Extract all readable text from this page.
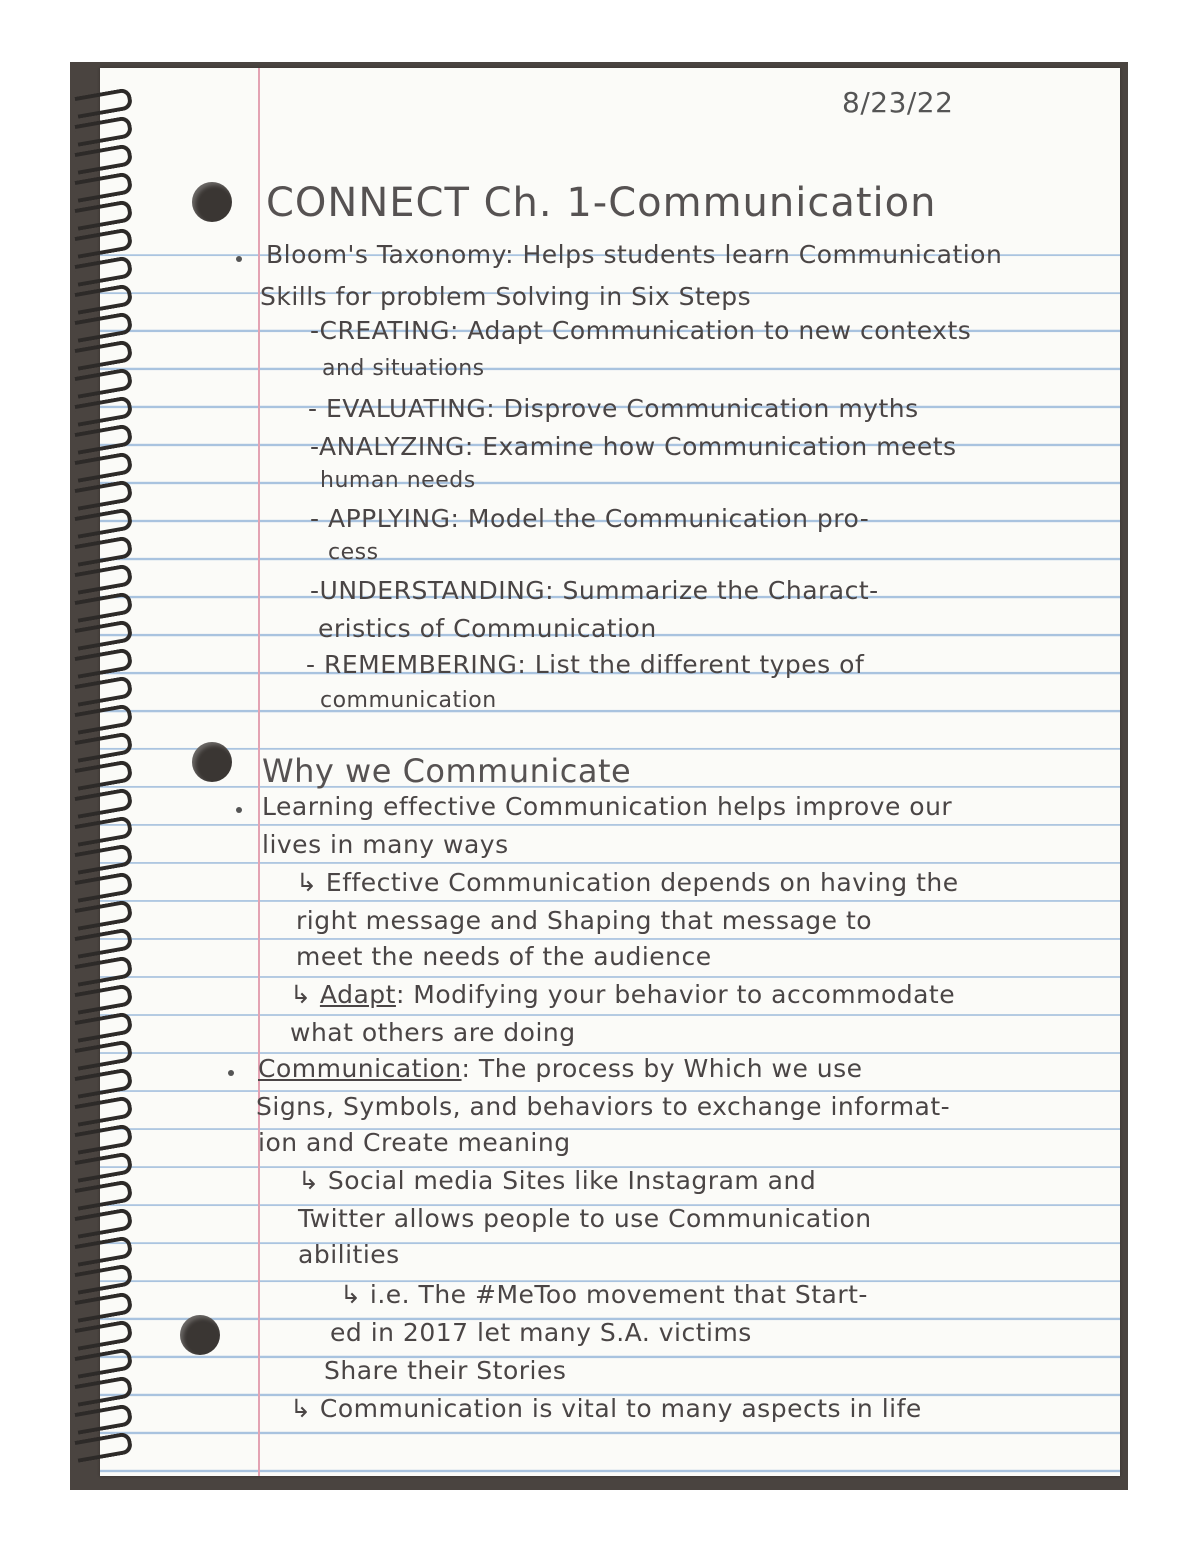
8/23/22
CONNECT Ch. 1-Communication
Bloom's Taxonomy: Helps students learn Communication
Skills for problem Solving in Six Steps
-CREATING: Adapt Communication to new contexts
and situations
- EVALUATING: Disprove Communication myths
-ANALYZING: Examine how Communication meets
human needs
- APPLYING: Model the Communication pro-
cess
-UNDERSTANDING: Summarize the Charact-
eristics of Communication
- REMEMBERING: List the different types of
communication
Why we Communicate
Learning effective Communication helps improve our
lives in many ways
↳ Effective Communication depends on having the
right message and Shaping that message to
meet the needs of the audience
↳ Adapt: Modifying your behavior to accommodate
what others are doing
Communication: The process by Which we use
Signs, Symbols, and behaviors to exchange informat-
ion and Create meaning
↳ Social media Sites like Instagram and
Twitter allows people to use Communication
abilities
↳ i.e. The #MeToo movement that Start-
ed in 2017 let many S.A. victims
Share their Stories
↳ Communication is vital to many aspects in life
